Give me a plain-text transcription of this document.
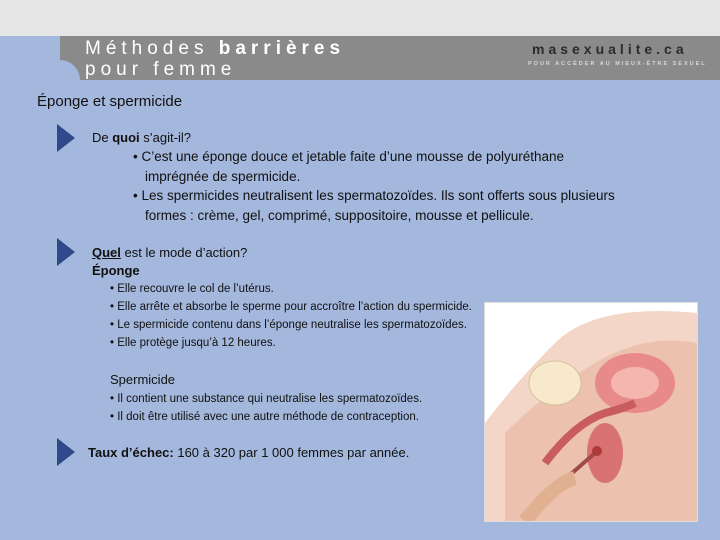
Méthodes barrières
pour femme
masexualite.ca
POUR ACCÉDER AU MIEUX-ÊTRE SEXUEL
Éponge et spermicide
De quoi s’agit-il?
• C’est une éponge douce et jetable faite d’une mousse de polyuréthane
imprégnée de spermicide.
• Les spermicides neutralisent les spermatozoïdes. Ils sont offerts sous plusieurs
formes : crème, gel, comprimé, suppositoire, mousse et pellicule.
Quel est le mode d’action?
Éponge
• Elle recouvre le col de l’utérus.
• Elle arrête et absorbe le sperme pour accroître l’action du spermicide.
• Le spermicide contenu dans l’éponge neutralise les spermatozoïdes.
• Elle protège jusqu’à 12 heures.
Spermicide
• Il contient une substance qui neutralise les spermatozoïdes.
• Il doit être utilisé avec une autre méthode de contraception.
Taux d’échec: 160 à 320 par 1 000 femmes par année.
